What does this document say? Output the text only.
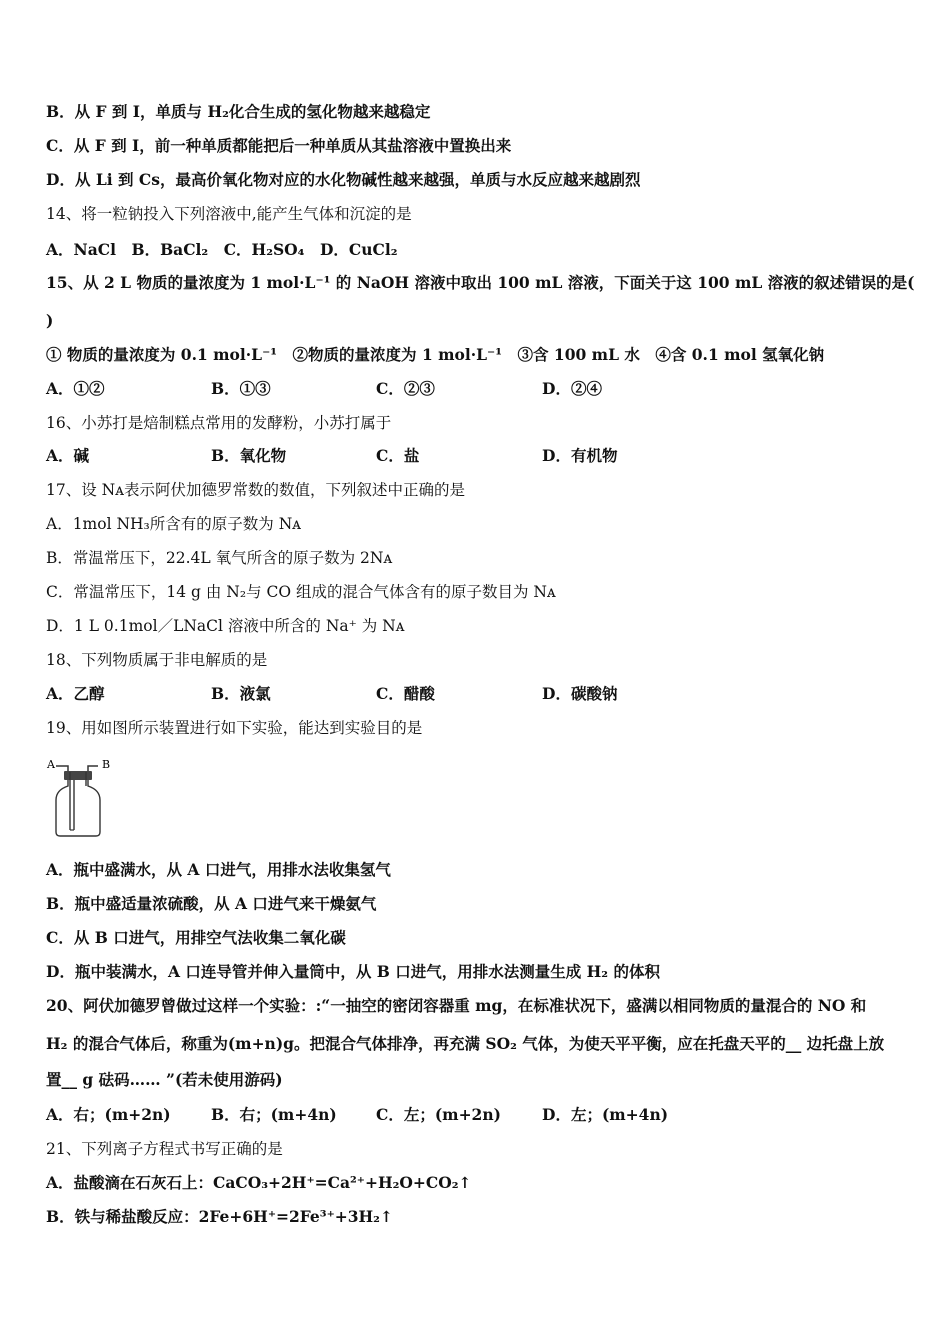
B．从 F 到 I，单质与 H₂化合生成的氢化物越来越稳定
C．从 F 到 I，前一种单质都能把后一种单质从其盐溶液中置换出来
D．从 Li 到 Cs，最高价氧化物对应的水化物碱性越来越强，单质与水反应越来越剧烈
14、将一粒钠投入下列溶液中,能产生气体和沉淀的是
A．NaCl　B．BaCl₂　C．H₂SO₄　D．CuCl₂
15、从 2 L 物质的量浓度为 1 mol·L⁻¹ 的 NaOH 溶液中取出 100 mL 溶液，下面关于这 100 mL 溶液的叙述错误的是(
)
① 物质的量浓度为 0.1 mol·L⁻¹　②物质的量浓度为 1 mol·L⁻¹　③含 100 mL 水　④含 0.1 mol 氢氧化钠
A．①②	B．①③	C．②③	D．②④
16、小苏打是焙制糕点常用的发酵粉，小苏打属于
A．碱	B．氧化物	C．盐	D．有机物
17、设 Nᴀ表示阿伏加德罗常数的数值，下列叙述中正确的是
A．1mol NH₃所含有的原子数为 Nᴀ
B．常温常压下，22.4L 氧气所含的原子数为 2Nᴀ
C．常温常压下，14 g 由 N₂与 CO 组成的混合气体含有的原子数目为 Nᴀ
D．1 L 0.1mol／LNaCl 溶液中所含的 Na⁺ 为 Nᴀ
18、下列物质属于非电解质的是
A．乙醇	B．液氯	C．醋酸	D．碳酸钠
19、用如图所示装置进行如下实验，能达到实验目的是
A	B
A．瓶中盛满水，从 A 口进气，用排水法收集氢气
B．瓶中盛适量浓硫酸，从 A 口进气来干燥氨气
C．从 B 口进气，用排空气法收集二氧化碳
D．瓶中装满水，A 口连导管并伸入量筒中，从 B 口进气，用排水法测量生成 H₂ 的体积
20、阿伏加德罗曾做过这样一个实验：:“一抽空的密闭容器重 mg，在标准状况下，盛满以相同物质的量混合的 NO 和
H₂ 的混合气体后，称重为(m+n)g。把混合气体排净，再充满 SO₂ 气体，为使天平平衡，应在托盘天平的__ 边托盘上放
置__ g 砝码…… ”(若未使用游码)
A．右；(m+2n)	B．右；(m+4n)	C．左；(m+2n)	D．左；(m+4n)
21、下列离子方程式书写正确的是
A．盐酸滴在石灰石上：CaCO₃+2H⁺=Ca²⁺+H₂O+CO₂↑
B．铁与稀盐酸反应：2Fe+6H⁺=2Fe³⁺+3H₂↑
